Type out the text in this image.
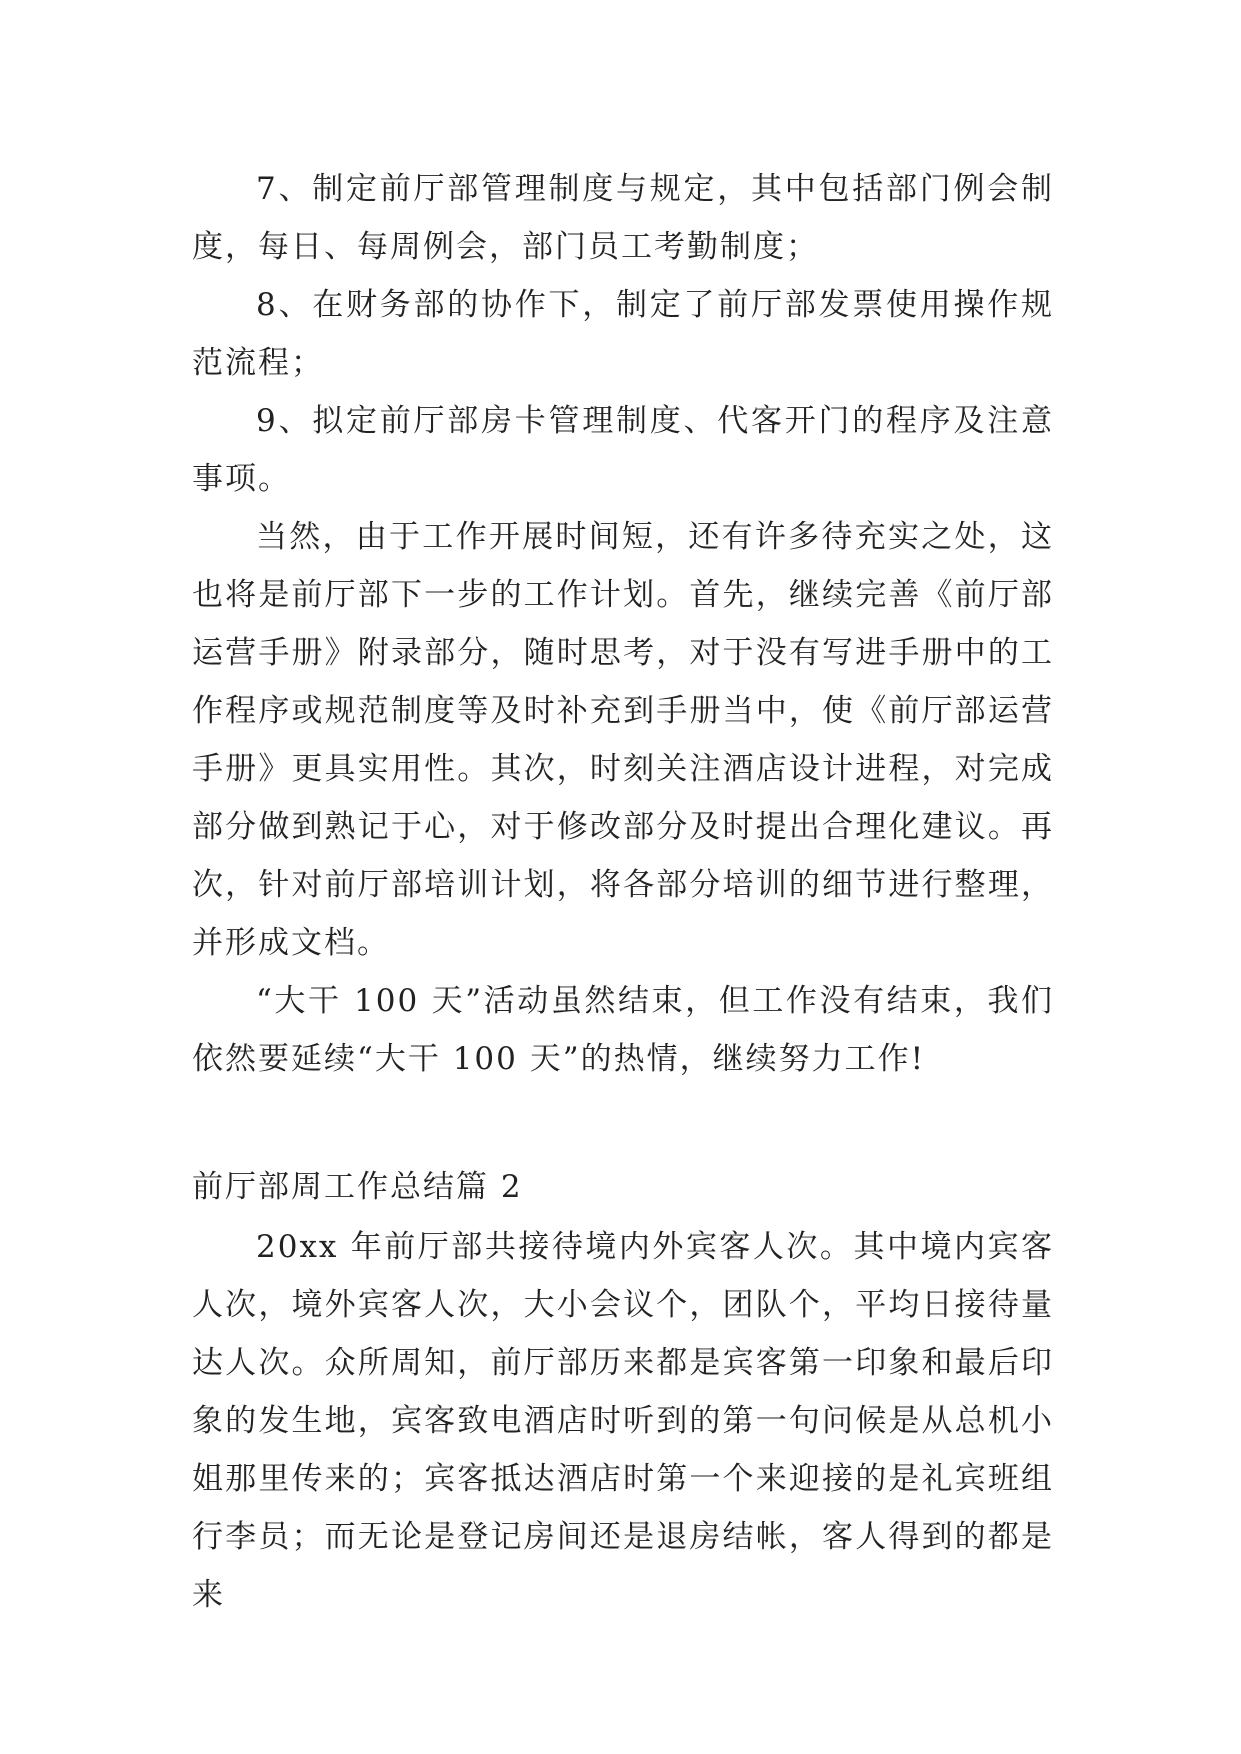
7、制定前厅部管理制度与规定，其中包括部门例会制度，每日、每周例会，部门员工考勤制度；

8、在财务部的协作下，制定了前厅部发票使用操作规范流程；

9、拟定前厅部房卡管理制度、代客开门的程序及注意事项。

当然，由于工作开展时间短，还有许多待充实之处，这也将是前厅部下一步的工作计划。首先，继续完善《前厅部运营手册》附录部分，随时思考，对于没有写进手册中的工作程序或规范制度等及时补充到手册当中，使《前厅部运营手册》更具实用性。其次，时刻关注酒店设计进程，对完成部分做到熟记于心，对于修改部分及时提出合理化建议。再次，针对前厅部培训计划，将各部分培训的细节进行整理，并形成文档。

“大干 100 天”活动虽然结束，但工作没有结束，我们依然要延续“大干 100 天”的热情，继续努力工作!

前厅部周工作总结篇 2

20xx 年前厅部共接待境内外宾客人次。其中境内宾客人次，境外宾客人次，大小会议个，团队个，平均日接待量达人次。众所周知，前厅部历来都是宾客第一印象和最后印象的发生地，宾客致电酒店时听到的第一句问候是从总机小姐那里传来的；宾客抵达酒店时第一个来迎接的是礼宾班组行李员；而无论是登记房间还是退房结帐，客人得到的都是来
